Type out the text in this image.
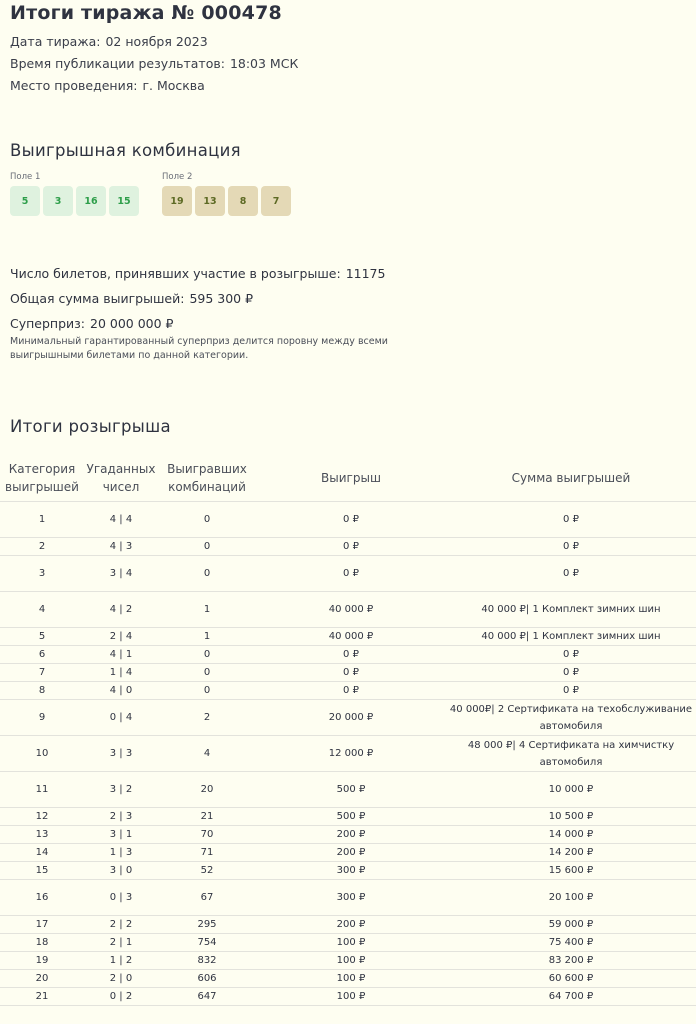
Итоги тиража № 000478
Дата тиража: 02 ноября 2023
Время публикации результатов: 18:03 МСК
Место проведения: г. Москва
Выигрышная комбинация
Поле 1
5	3	16	15
Поле 2
19	13	8	7
Число билетов, принявших участие в розыгрыше: 11175
Общая сумма выигрышей: 595 300 ₽
Суперприз: 20 000 000 ₽
Минимальный гарантированный суперприз делится поровну между всеми выигрышными билетами по данной категории.
Итоги розыгрыша
Категория выигрышей	Угаданных чисел	Выигравших комбинаций	Выигрыш	Сумма выигрышей
1	4 | 4	0	0 ₽	0 ₽
2	4 | 3	0	0 ₽	0 ₽
3	3 | 4	0	0 ₽	0 ₽
4	4 | 2	1	40 000 ₽	40 000 ₽| 1 Комплект зимних шин
5	2 | 4	1	40 000 ₽	40 000 ₽| 1 Комплект зимних шин
6	4 | 1	0	0 ₽	0 ₽
7	1 | 4	0	0 ₽	0 ₽
8	4 | 0	0	0 ₽	0 ₽
9	0 | 4	2	20 000 ₽	40 000₽| 2 Сертификата на техобслуживание автомобиля
10	3 | 3	4	12 000 ₽	48 000 ₽| 4 Сертификата на химчистку автомобиля
11	3 | 2	20	500 ₽	10 000 ₽
12	2 | 3	21	500 ₽	10 500 ₽
13	3 | 1	70	200 ₽	14 000 ₽
14	1 | 3	71	200 ₽	14 200 ₽
15	3 | 0	52	300 ₽	15 600 ₽
16	0 | 3	67	300 ₽	20 100 ₽
17	2 | 2	295	200 ₽	59 000 ₽
18	2 | 1	754	100 ₽	75 400 ₽
19	1 | 2	832	100 ₽	83 200 ₽
20	2 | 0	606	100 ₽	60 600 ₽
21	0 | 2	647	100 ₽	64 700 ₽
